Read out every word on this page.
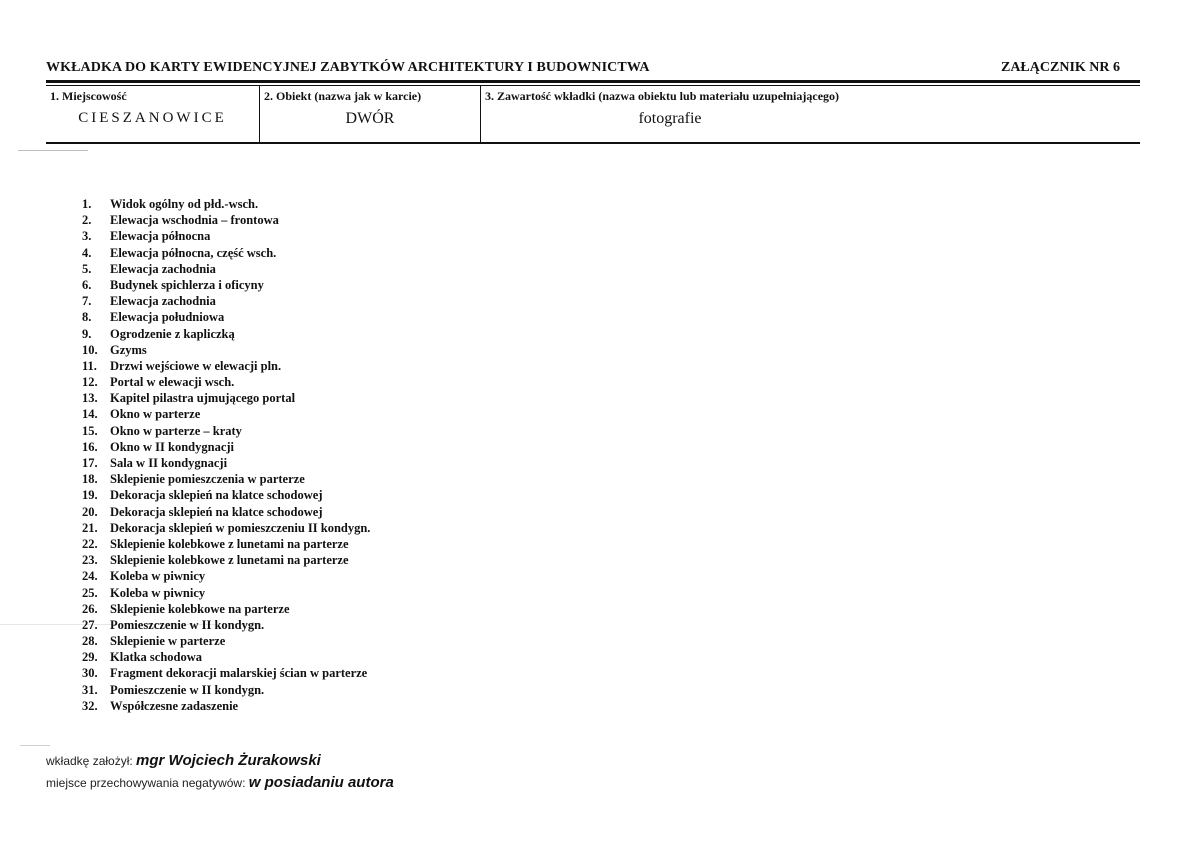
WKŁADKA DO KARTY EWIDENCYJNEJ ZABYTKÓW ARCHITEKTURY I BUDOWNICTWA	ZAŁĄCZNIK NR 6
1. Miejscowość
CIESZANOWICE
2. Obiekt (nazwa jak w karcie)
DWÓR
3. Zawartość wkładki (nazwa obiektu lub materiału uzupełniającego)
fotografie
1. Widok ogólny od płd.-wsch.
2. Elewacja wschodnia – frontowa
3. Elewacja północna
4. Elewacja północna, część wsch.
5. Elewacja zachodnia
6. Budynek spichlerza i oficyny
7. Elewacja zachodnia
8. Elewacja południowa
9. Ogrodzenie z kapliczką
10. Gzyms
11. Drzwi wejściowe w elewacji pln.
12. Portal w elewacji wsch.
13. Kapitel pilastra ujmującego portal
14. Okno w parterze
15. Okno w parterze – kraty
16. Okno w II kondygnacji
17. Sala w II kondygnacji
18. Sklepienie pomieszczenia w parterze
19. Dekoracja sklepień na klatce schodowej
20. Dekoracja sklepień na klatce schodowej
21. Dekoracja sklepień w pomieszczeniu II kondygn.
22. Sklepienie kolebkowe z lunetami na parterze
23. Sklepienie kolebkowe z lunetami na parterze
24. Koleba w piwnicy
25. Koleba w piwnicy
26. Sklepienie kolebkowe na parterze
27. Pomieszczenie w II kondygn.
28. Sklepienie w parterze
29. Klatka schodowa
30. Fragment dekoracji malarskiej ścian w parterze
31. Pomieszczenie w II kondygn.
32. Współczesne zadaszenie
wkładkę założył: mgr Wojciech Żurakowski
miejsce przechowywania negatywów: w posiadaniu autora
